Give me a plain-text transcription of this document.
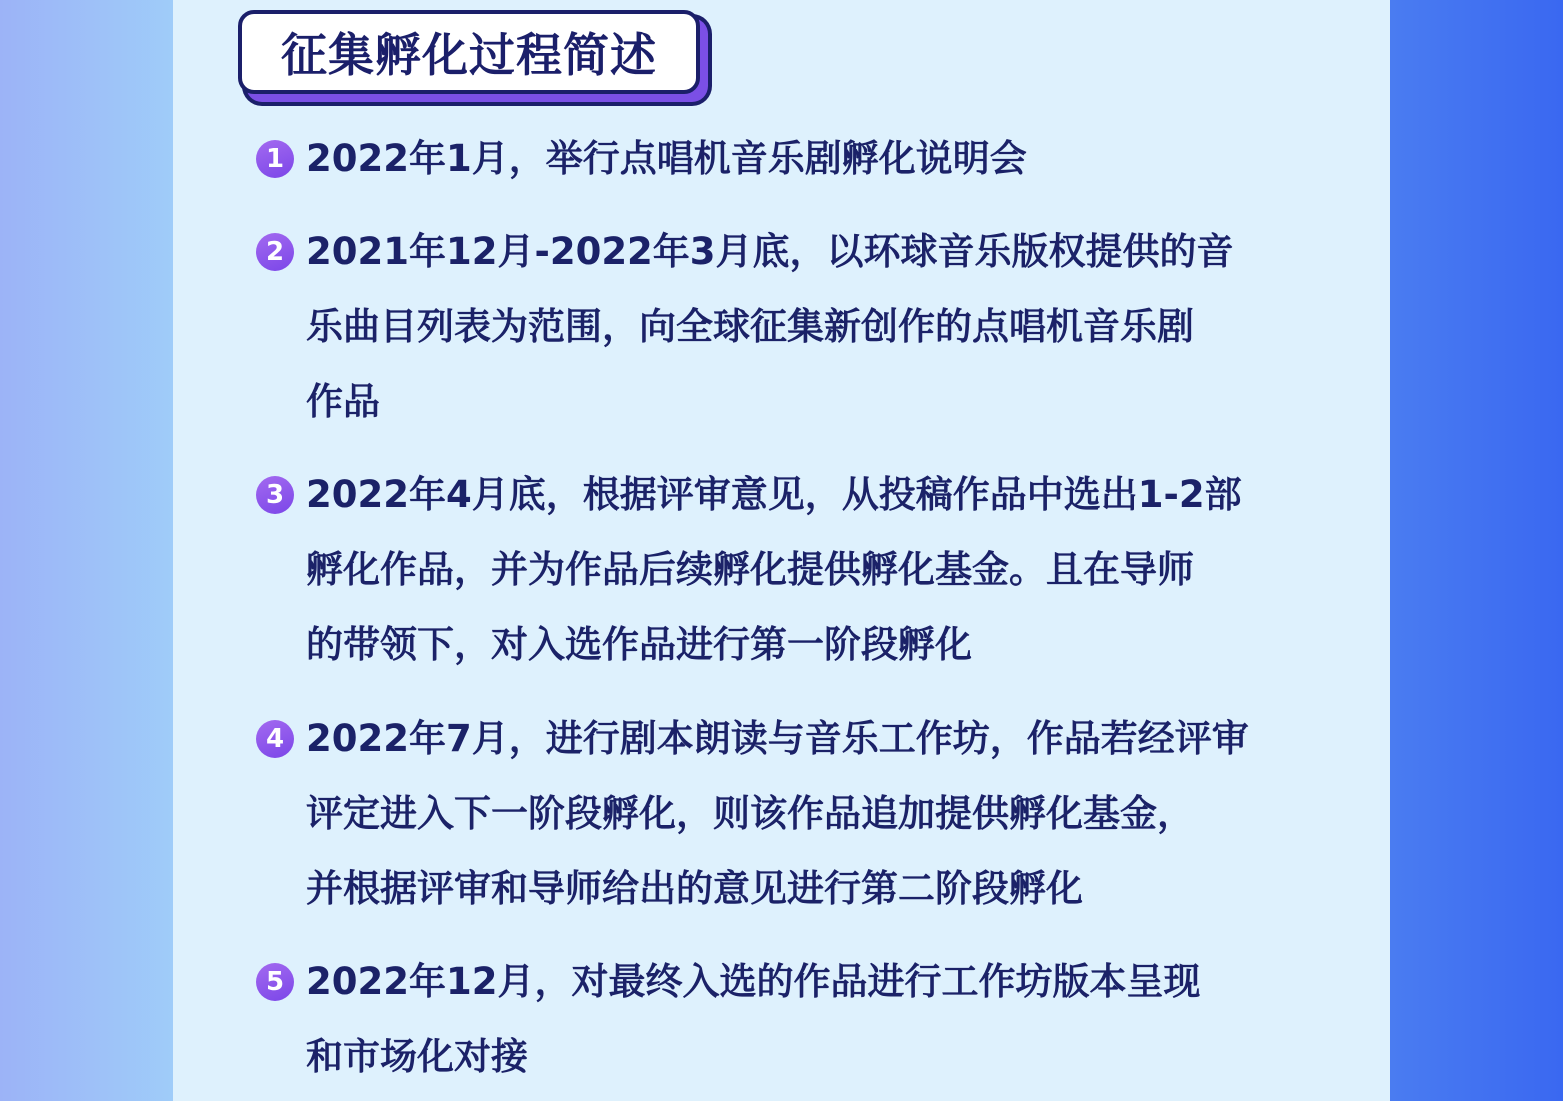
征集孵化过程简述
1 2022年1月，举行点唱机音乐剧孵化说明会
2 2021年12月-2022年3月底，以环球音乐版权提供的音
乐曲目列表为范围，向全球征集新创作的点唱机音乐剧
作品
3 2022年4月底，根据评审意见，从投稿作品中选出1-2部
孵化作品，并为作品后续孵化提供孵化基金。且在导师
的带领下，对入选作品进行第一阶段孵化
4 2022年7月，进行剧本朗读与音乐工作坊，作品若经评审
评定进入下一阶段孵化，则该作品追加提供孵化基金，
并根据评审和导师给出的意见进行第二阶段孵化
5 2022年12月，对最终入选的作品进行工作坊版本呈现
和市场化对接
